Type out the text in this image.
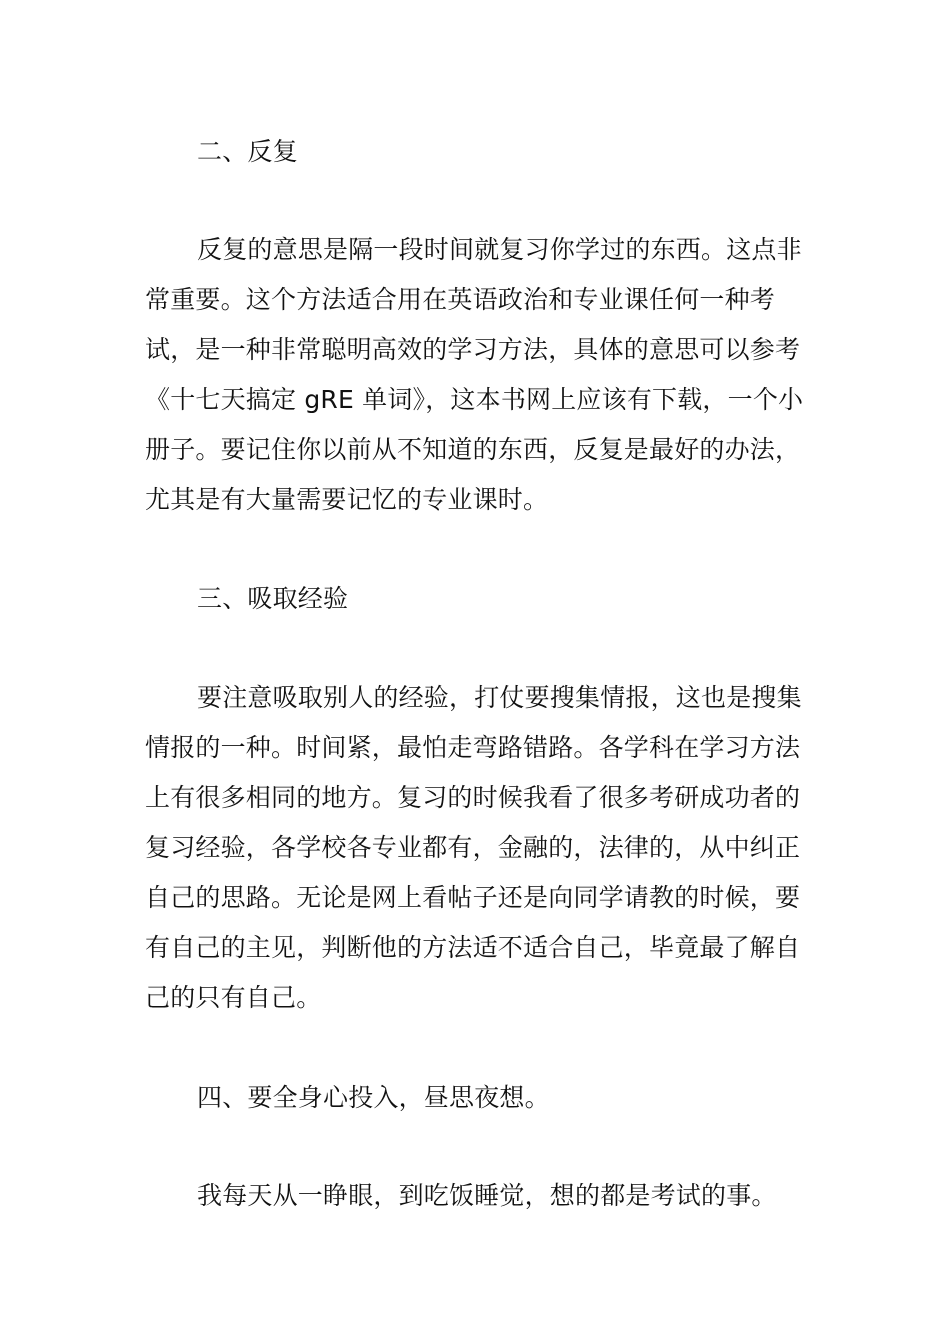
二、反复

反复的意思是隔一段时间就复习你学过的东西。这点非常重要。这个方法适合用在英语政治和专业课任何一种考试，是一种非常聪明高效的学习方法，具体的意思可以参考《十七天搞定 gRE 单词》，这本书网上应该有下载，一个小册子。要记住你以前从不知道的东西，反复是最好的办法，尤其是有大量需要记忆的专业课时。

三、吸取经验

要注意吸取别人的经验，打仗要搜集情报，这也是搜集情报的一种。时间紧，最怕走弯路错路。各学科在学习方法上有很多相同的地方。复习的时候我看了很多考研成功者的复习经验，各学校各专业都有，金融的，法律的，从中纠正自己的思路。无论是网上看帖子还是向同学请教的时候，要有自己的主见，判断他的方法适不适合自己，毕竟最了解自己的只有自己。

四、要全身心投入，昼思夜想。

我每天从一睁眼，到吃饭睡觉，想的都是考试的事。
